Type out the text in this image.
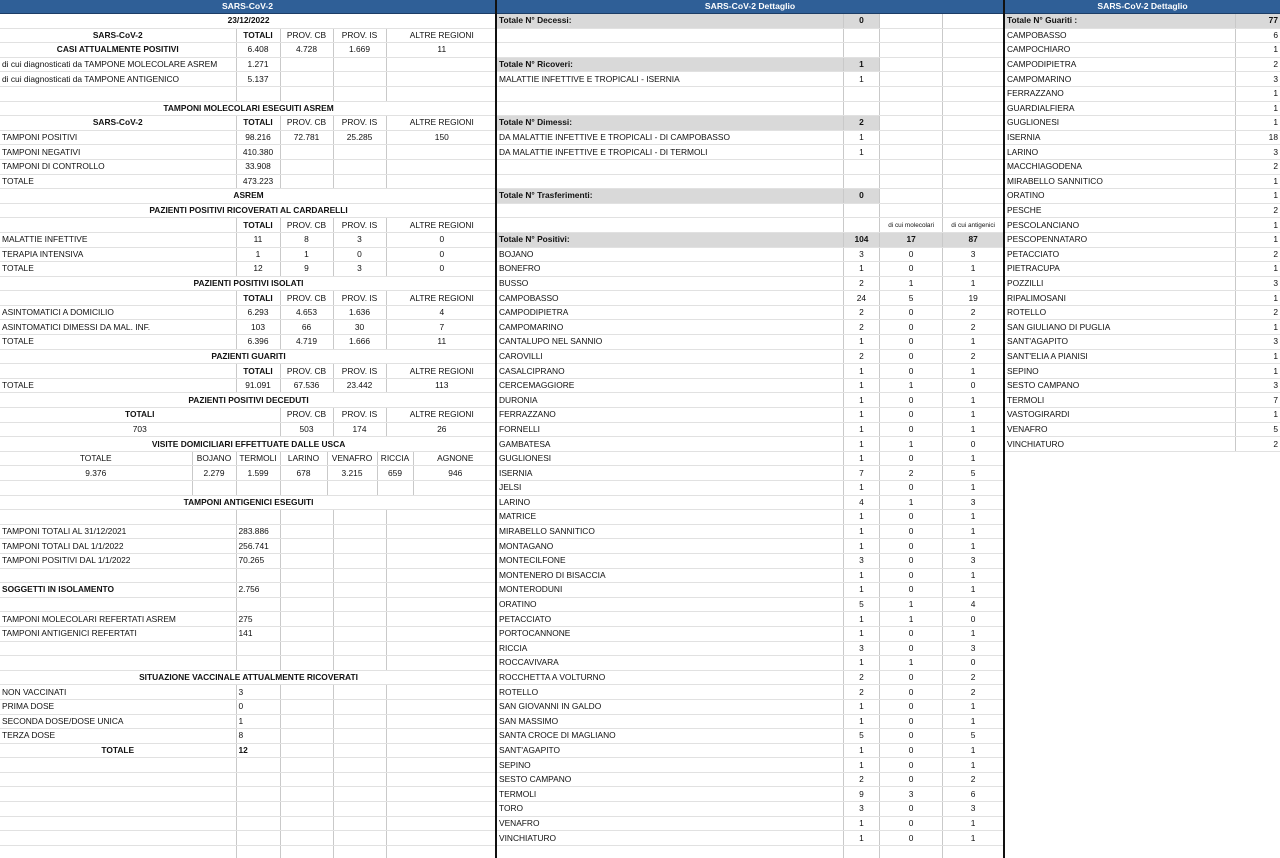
SARS-CoV-2
23/12/2022				
SARS-CoV-2	TOTALI	PROV. CB	PROV. IS	ALTRE REGIONI
CASI ATTUALMENTE POSITIVI	6.408	4.728	1.669	11
di cui diagnosticati da TAMPONE MOLECOLARE ASREM	1.271			
di cui diagnosticati da TAMPONE ANTIGENICO	5.137			

TAMPONI MOLECOLARI ESEGUITI ASREM				
SARS-CoV-2	TOTALI	PROV. CB	PROV. IS	ALTRE REGIONI
TAMPONI POSITIVI	98.216	72.781	25.285	150
TAMPONI NEGATIVI	410.380			
TAMPONI DI CONTROLLO	33.908			
TOTALE	473.223			
ASREM				
PAZIENTI POSITIVI RICOVERATI AL CARDARELLI				
	TOTALI	PROV. CB	PROV. IS	ALTRE REGIONI
MALATTIE INFETTIVE	11	8	3	0
TERAPIA INTENSIVA	1	1	0	0
TOTALE	12	9	3	0
PAZIENTI POSITIVI ISOLATI				
	TOTALI	PROV. CB	PROV. IS	ALTRE REGIONI
ASINTOMATICI A DOMICILIO	6.293	4.653	1.636	4
ASINTOMATICI DIMESSI DA MAL. INF.	103	66	30	7
TOTALE	6.396	4.719	1.666	11
PAZIENTI GUARITI				
	TOTALI	PROV. CB	PROV. IS	ALTRE REGIONI
TOTALE	91.091	67.536	23.442	113
PAZIENTI POSITIVI DECEDUTI				
TOTALI		PROV. CB	PROV. IS	ALTRE REGIONI
703		503	174	26
VISITE DOMICILIARI EFFETTUATE DALLE USCA						
TOTALE	BOJANO	TERMOLI	LARINO	VENAFRO	RICCIA	AGNONE
9.376	2.279	1.599	678	3.215	659	946

TAMPONI ANTIGENICI ESEGUITI				

TAMPONI TOTALI AL 31/12/2021	283.886			
TAMPONI TOTALI DAL 1/1/2022	256.741			
TAMPONI POSITIVI DAL 1/1/2022	70.265			

SOGGETTI IN ISOLAMENTO	2.756			

TAMPONI MOLECOLARI REFERTATI ASREM	275			
TAMPONI ANTIGENICI REFERTATI	141			

SITUAZIONE VACCINALE ATTUALMENTE RICOVERATI				
NON VACCINATI	3			
PRIMA DOSE	0			
SECONDA DOSE/DOSE UNICA	1			
TERZA DOSE	8			
TOTALE	12			

SARS-CoV-2 Dettaglio
Totale N° Decessi:	0		

Totale N° Ricoveri:	1		
MALATTIE INFETTIVE E TROPICALI - ISERNIA	1		

Totale N° Dimessi:	2		
DA MALATTIE INFETTIVE E TROPICALI - DI CAMPOBASSO	1		
DA MALATTIE INFETTIVE E TROPICALI - DI TERMOLI	1		

Totale N° Trasferimenti:	0		

		di cui molecolari	di cui antigenici
Totale N° Positivi:	104	17	87
BOJANO	3	0	3
BONEFRO	1	0	1
BUSSO	2	1	1
CAMPOBASSO	24	5	19
CAMPODIPIETRA	2	0	2
CAMPOMARINO	2	0	2
CANTALUPO NEL SANNIO	1	0	1
CAROVILLI	2	0	2
CASALCIPRANO	1	0	1
CERCEMAGGIORE	1	1	0
DURONIA	1	0	1
FERRAZZANO	1	0	1
FORNELLI	1	0	1
GAMBATESA	1	1	0
GUGLIONESI	1	0	1
ISERNIA	7	2	5
JELSI	1	0	1
LARINO	4	1	3
MATRICE	1	0	1
MIRABELLO SANNITICO	1	0	1
MONTAGANO	1	0	1
MONTECILFONE	3	0	3
MONTENERO DI BISACCIA	1	0	1
MONTERODUNI	1	0	1
ORATINO	5	1	4
PETACCIATO	1	1	0
PORTOCANNONE	1	0	1
RICCIA	3	0	3
ROCCAVIVARA	1	1	0
ROCCHETTA A VOLTURNO	2	0	2
ROTELLO	2	0	2
SAN GIOVANNI IN GALDO	1	0	1
SAN MASSIMO	1	0	1
SANTA CROCE DI MAGLIANO	5	0	5
SANT'AGAPITO	1	0	1
SEPINO	1	0	1
SESTO CAMPANO	2	0	2
TERMOLI	9	3	6
TORO	3	0	3
VENAFRO	1	0	1
VINCHIATURO	1	0	1

SARS-CoV-2 Dettaglio
Totale N° Guariti :	77
CAMPOBASSO	6
CAMPOCHIARO	1
CAMPODIPIETRA	2
CAMPOMARINO	3
FERRAZZANO	1
GUARDIALFIERA	1
GUGLIONESI	1
ISERNIA	18
LARINO	3
MACCHIAGODENA	2
MIRABELLO SANNITICO	1
ORATINO	1
PESCHE	2
PESCOLANCIANO	1
PESCOPENNATARO	1
PETACCIATO	2
PIETRACUPA	1
POZZILLI	3
RIPALIMOSANI	1
ROTELLO	2
SAN GIULIANO DI PUGLIA	1
SANT'AGAPITO	3
SANT'ELIA A PIANISI	1
SEPINO	1
SESTO CAMPANO	3
TERMOLI	7
VASTOGIRARDI	1
VENAFRO	5
VINCHIATURO	2
